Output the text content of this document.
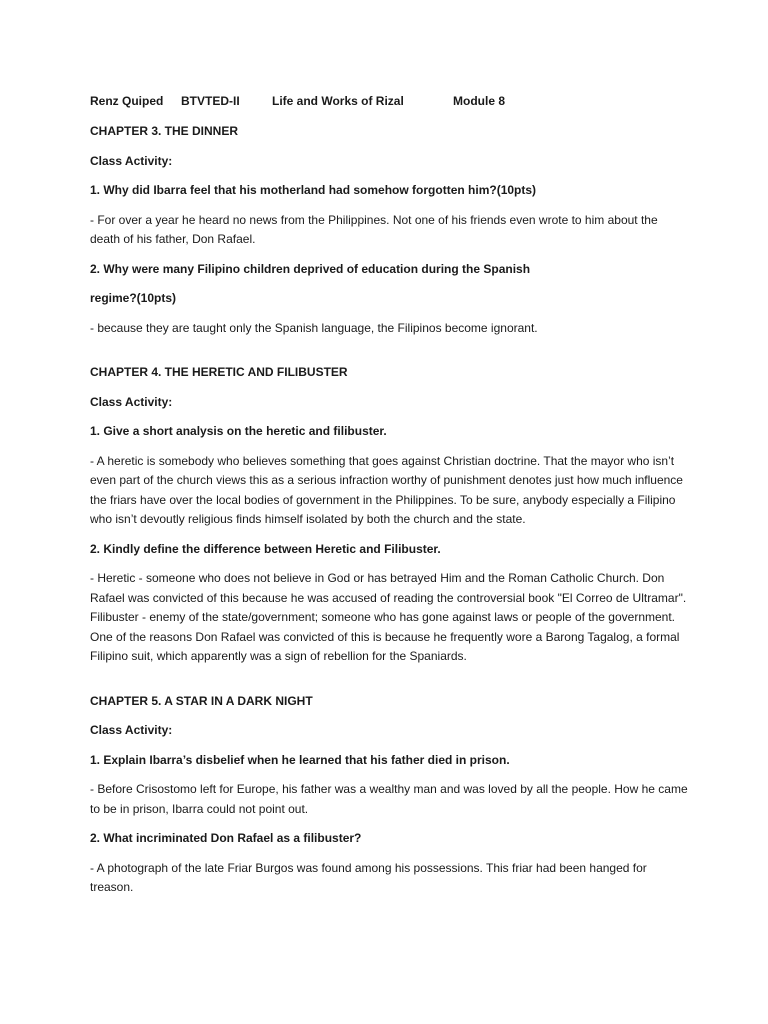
Renz Quiped	BTVTED-II	Life and Works of Rizal	Module 8

CHAPTER 3. THE DINNER

Class Activity:

1. Why did Ibarra feel that his motherland had somehow forgotten him?(10pts)

- For over a year he heard no news from the Philippines. Not one of his friends even wrote to him about the death of his father, Don Rafael.

2. Why were many Filipino children deprived of education during the Spanish

regime?(10pts)

- because they are taught only the Spanish language, the Filipinos become ignorant.

CHAPTER 4. THE HERETIC AND FILIBUSTER

Class Activity:

1. Give a short analysis on the heretic and filibuster.

- A heretic is somebody who believes something that goes against Christian doctrine. That the mayor who isn’t even part of the church views this as a serious infraction worthy of punishment denotes just how much influence the friars have over the local bodies of government in the Philippines. To be sure, anybody especially a Filipino who isn’t devoutly religious finds himself isolated by both the church and the state.

2. Kindly define the difference between Heretic and Filibuster.

- Heretic - someone who does not believe in God or has betrayed Him and the Roman Catholic Church. Don Rafael was convicted of this because he was accused of reading the controversial book "El Correo de Ultramar". Filibuster - enemy of the state/government; someone who has gone against laws or people of the government. One of the reasons Don Rafael was convicted of this is because he frequently wore a Barong Tagalog, a formal Filipino suit, which apparently was a sign of rebellion for the Spaniards.

CHAPTER 5. A STAR IN A DARK NIGHT

Class Activity:

1. Explain Ibarra’s disbelief when he learned that his father died in prison.

- Before Crisostomo left for Europe, his father was a wealthy man and was loved by all the people. How he came to be in prison, Ibarra could not point out.

2. What incriminated Don Rafael as a filibuster?

- A photograph of the late Friar Burgos was found among his possessions. This friar had been hanged for treason.
